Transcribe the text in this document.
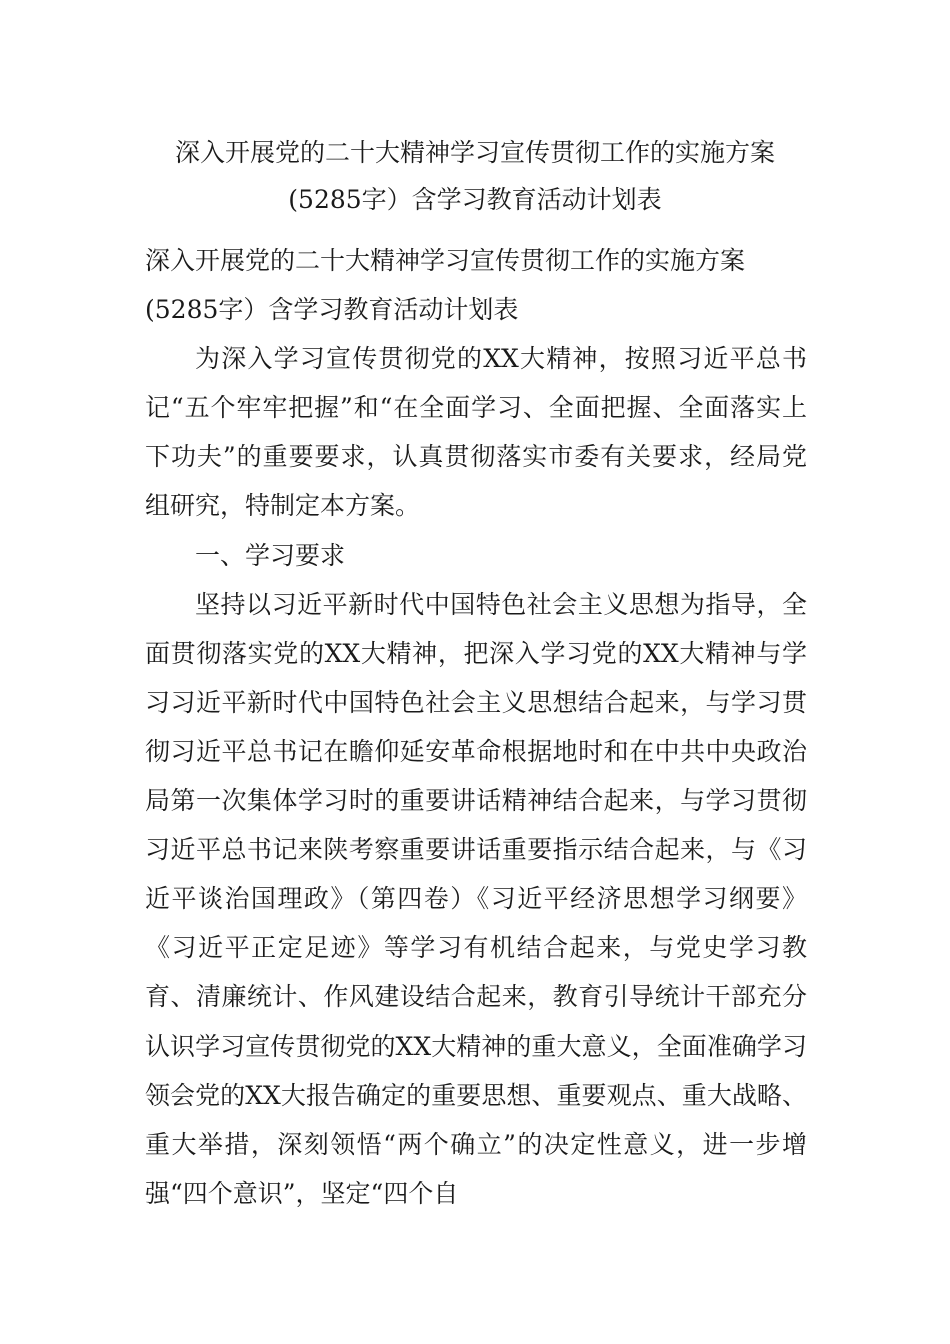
深入开展党的二十大精神学习宣传贯彻工作的实施方案
(5285字）含学习教育活动计划表

深入开展党的二十大精神学习宣传贯彻工作的实施方案

(5285字）含学习教育活动计划表

为深入学习宣传贯彻党的XX大精神，按照习近平总书记“五个牢牢把握”和“在全面学习、全面把握、全面落实上下功夫”的重要要求，认真贯彻落实市委有关要求，经局党组研究，特制定本方案。

一、学习要求

坚持以习近平新时代中国特色社会主义思想为指导，全面贯彻落实党的XX大精神，把深入学习党的XX大精神与学习习近平新时代中国特色社会主义思想结合起来，与学习贯彻习近平总书记在瞻仰延安革命根据地时和在中共中央政治局第一次集体学习时的重要讲话精神结合起来，与学习贯彻习近平总书记来陕考察重要讲话重要指示结合起来，与《习近平谈治国理政》（第四卷）《习近平经济思想学习纲要》《习近平正定足迹》等学习有机结合起来，与党史学习教育、清廉统计、作风建设结合起来，教育引导统计干部充分认识学习宣传贯彻党的XX大精神的重大意义，全面准确学习领会党的XX大报告确定的重要思想、重要观点、重大战略、重大举措，深刻领悟“两个确立”的决定性意义，进一步增强“四个意识”，坚定“四个自
